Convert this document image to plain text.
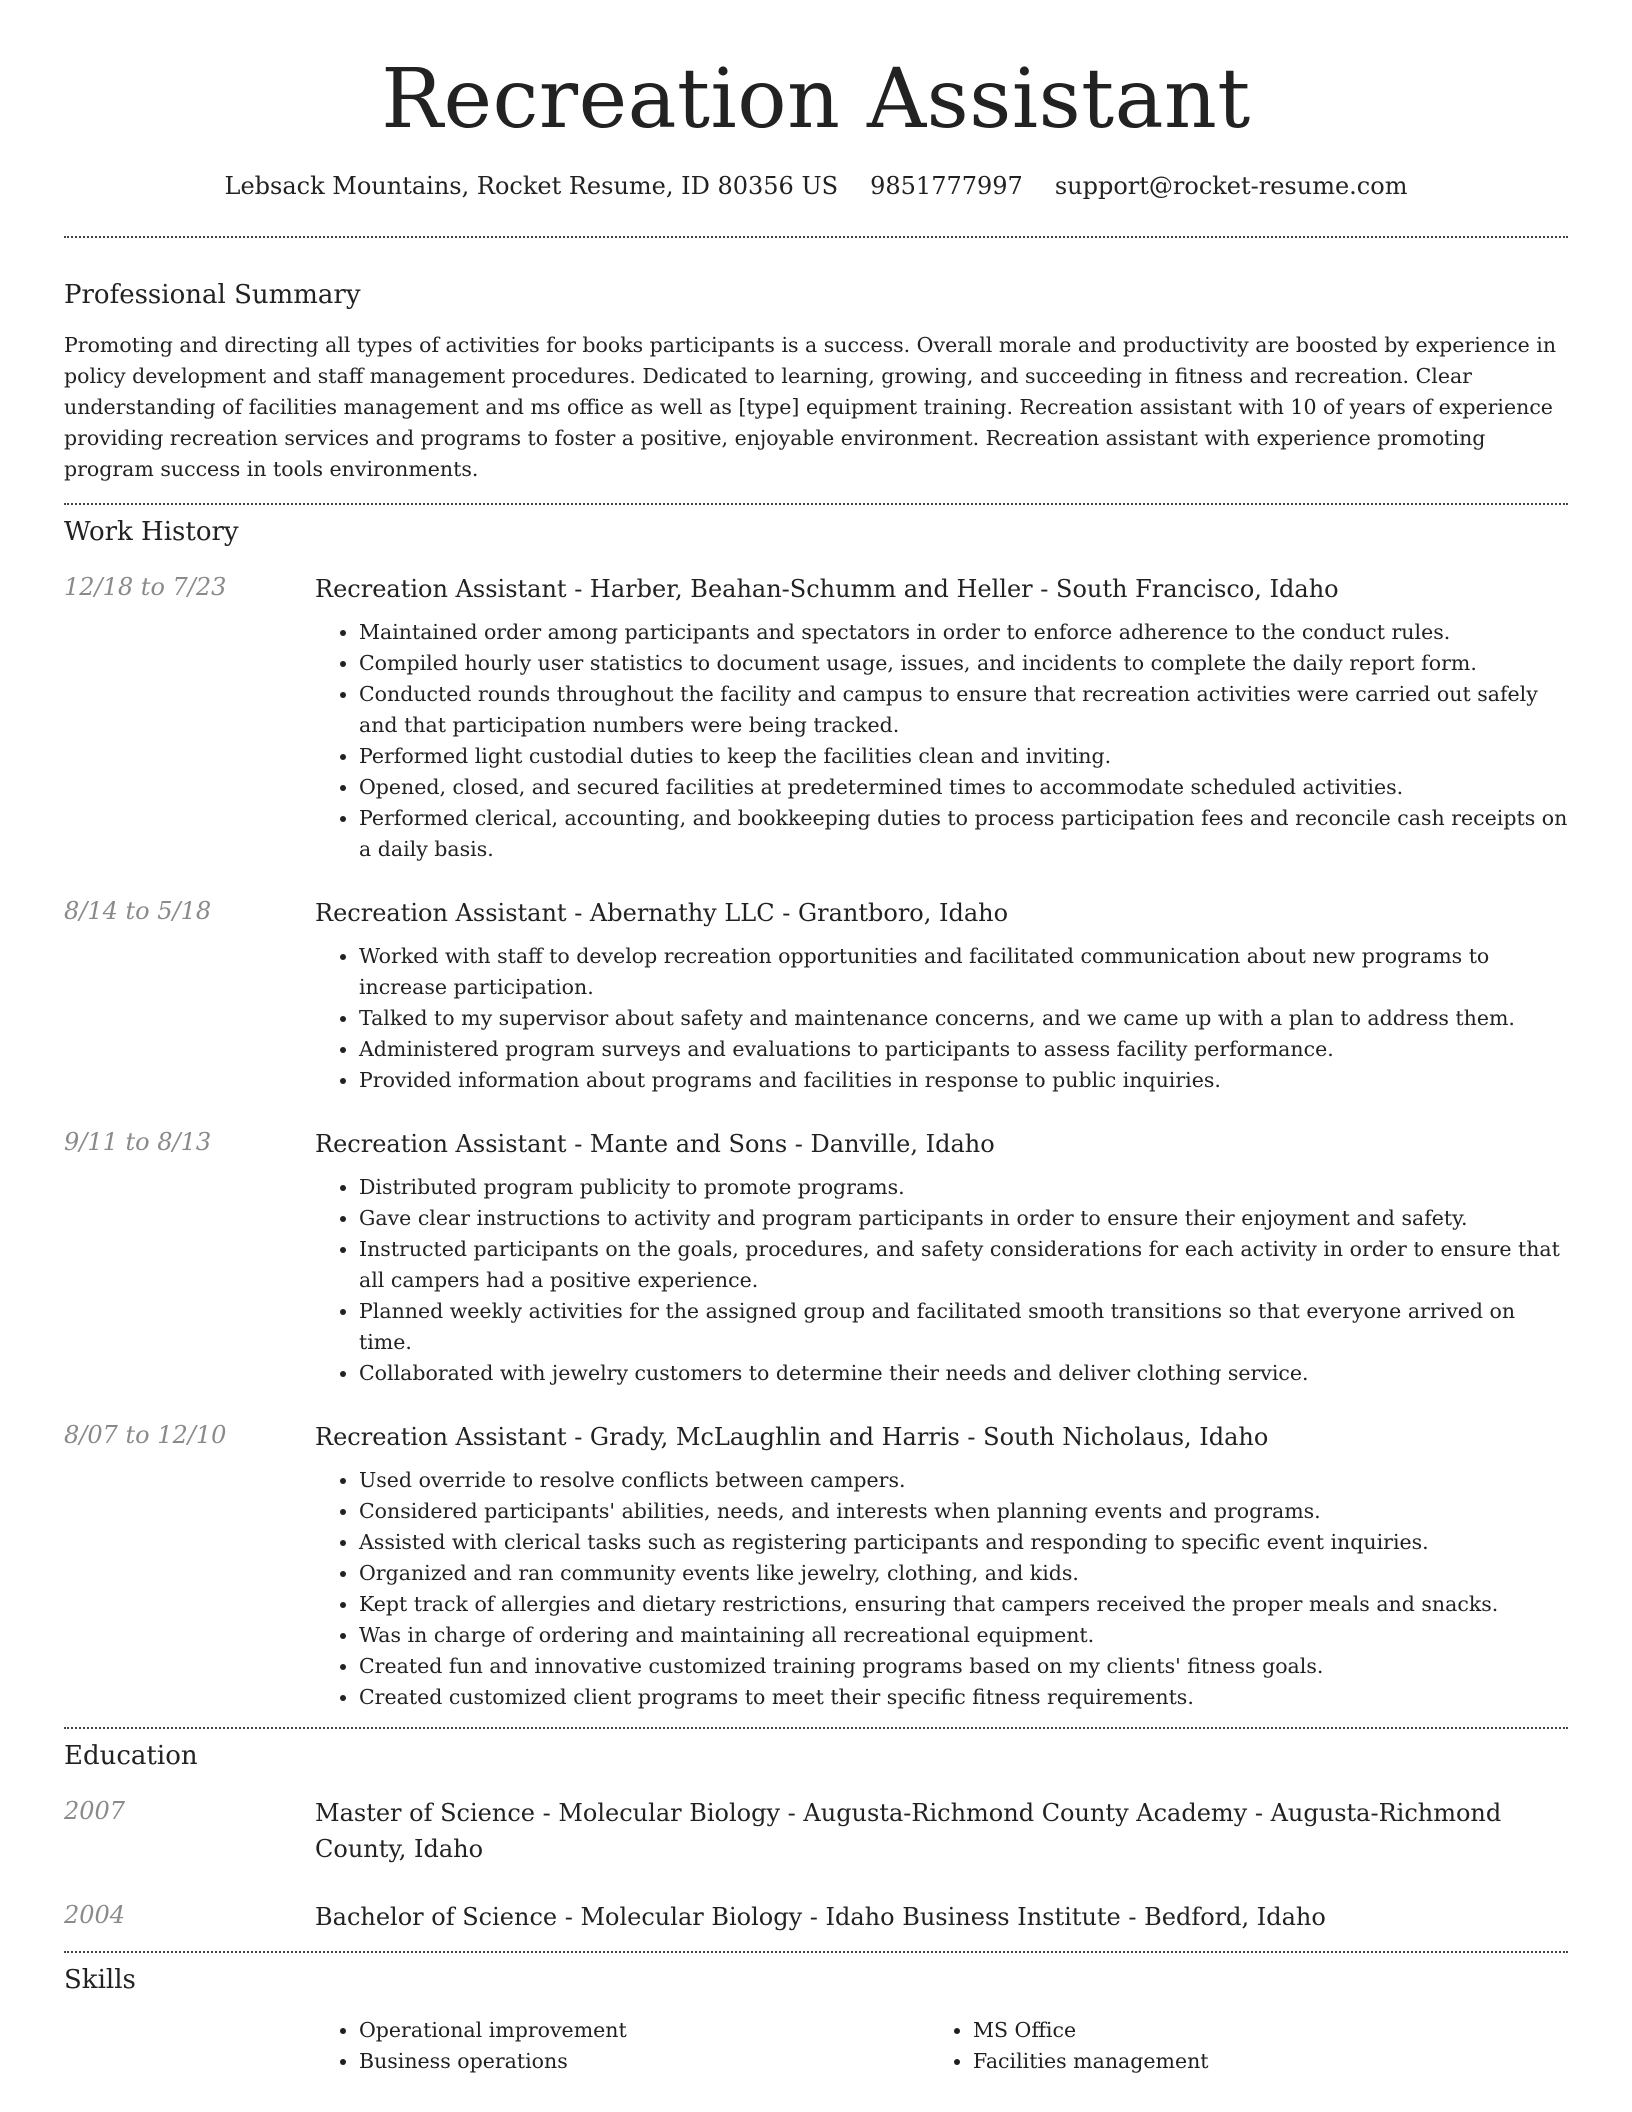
Recreation Assistant
Lebsack Mountains, Rocket Resume, ID 80356 US 9851777997 support@rocket-resume.com
Professional Summary

Promoting and directing all types of activities for books participants is a success. Overall morale and productivity are boosted by experience in policy development and staff management procedures. Dedicated to learning, growing, and succeeding in fitness and recreation. Clear understanding of facilities management and ms office as well as [type] equipment training. Recreation assistant with 10 of years of experience providing recreation services and programs to foster a positive, enjoyable environment. Recreation assistant with experience promoting program success in tools environments.

Work History
12/18 to 7/23	Recreation Assistant - Harber, Beahan-Schumm and Heller - South Francisco, Idaho
• Maintained order among participants and spectators in order to enforce adherence to the conduct rules.
• Compiled hourly user statistics to document usage, issues, and incidents to complete the daily report form.
• Conducted rounds throughout the facility and campus to ensure that recreation activities were carried out safely and that participation numbers were being tracked.
• Performed light custodial duties to keep the facilities clean and inviting.
• Opened, closed, and secured facilities at predetermined times to accommodate scheduled activities.
• Performed clerical, accounting, and bookkeeping duties to process participation fees and reconcile cash receipts on a daily basis.
8/14 to 5/18	Recreation Assistant - Abernathy LLC - Grantboro, Idaho
• Worked with staff to develop recreation opportunities and facilitated communication about new programs to increase participation.
• Talked to my supervisor about safety and maintenance concerns, and we came up with a plan to address them.
• Administered program surveys and evaluations to participants to assess facility performance.
• Provided information about programs and facilities in response to public inquiries.
9/11 to 8/13	Recreation Assistant - Mante and Sons - Danville, Idaho
• Distributed program publicity to promote programs.
• Gave clear instructions to activity and program participants in order to ensure their enjoyment and safety.
• Instructed participants on the goals, procedures, and safety considerations for each activity in order to ensure that all campers had a positive experience.
• Planned weekly activities for the assigned group and facilitated smooth transitions so that everyone arrived on time.
• Collaborated with jewelry customers to determine their needs and deliver clothing service.
8/07 to 12/10	Recreation Assistant - Grady, McLaughlin and Harris - South Nicholaus, Idaho
• Used override to resolve conflicts between campers.
• Considered participants' abilities, needs, and interests when planning events and programs.
• Assisted with clerical tasks such as registering participants and responding to specific event inquiries.
• Organized and ran community events like jewelry, clothing, and kids.
• Kept track of allergies and dietary restrictions, ensuring that campers received the proper meals and snacks.
• Was in charge of ordering and maintaining all recreational equipment.
• Created fun and innovative customized training programs based on my clients' fitness goals.
• Created customized client programs to meet their specific fitness requirements.
Education
2007	Master of Science - Molecular Biology - Augusta-Richmond County Academy - Augusta-Richmond County, Idaho
2004	Bachelor of Science - Molecular Biology - Idaho Business Institute - Bedford, Idaho
Skills
• Operational improvement
• Business operations
• MS Office
• Facilities management
